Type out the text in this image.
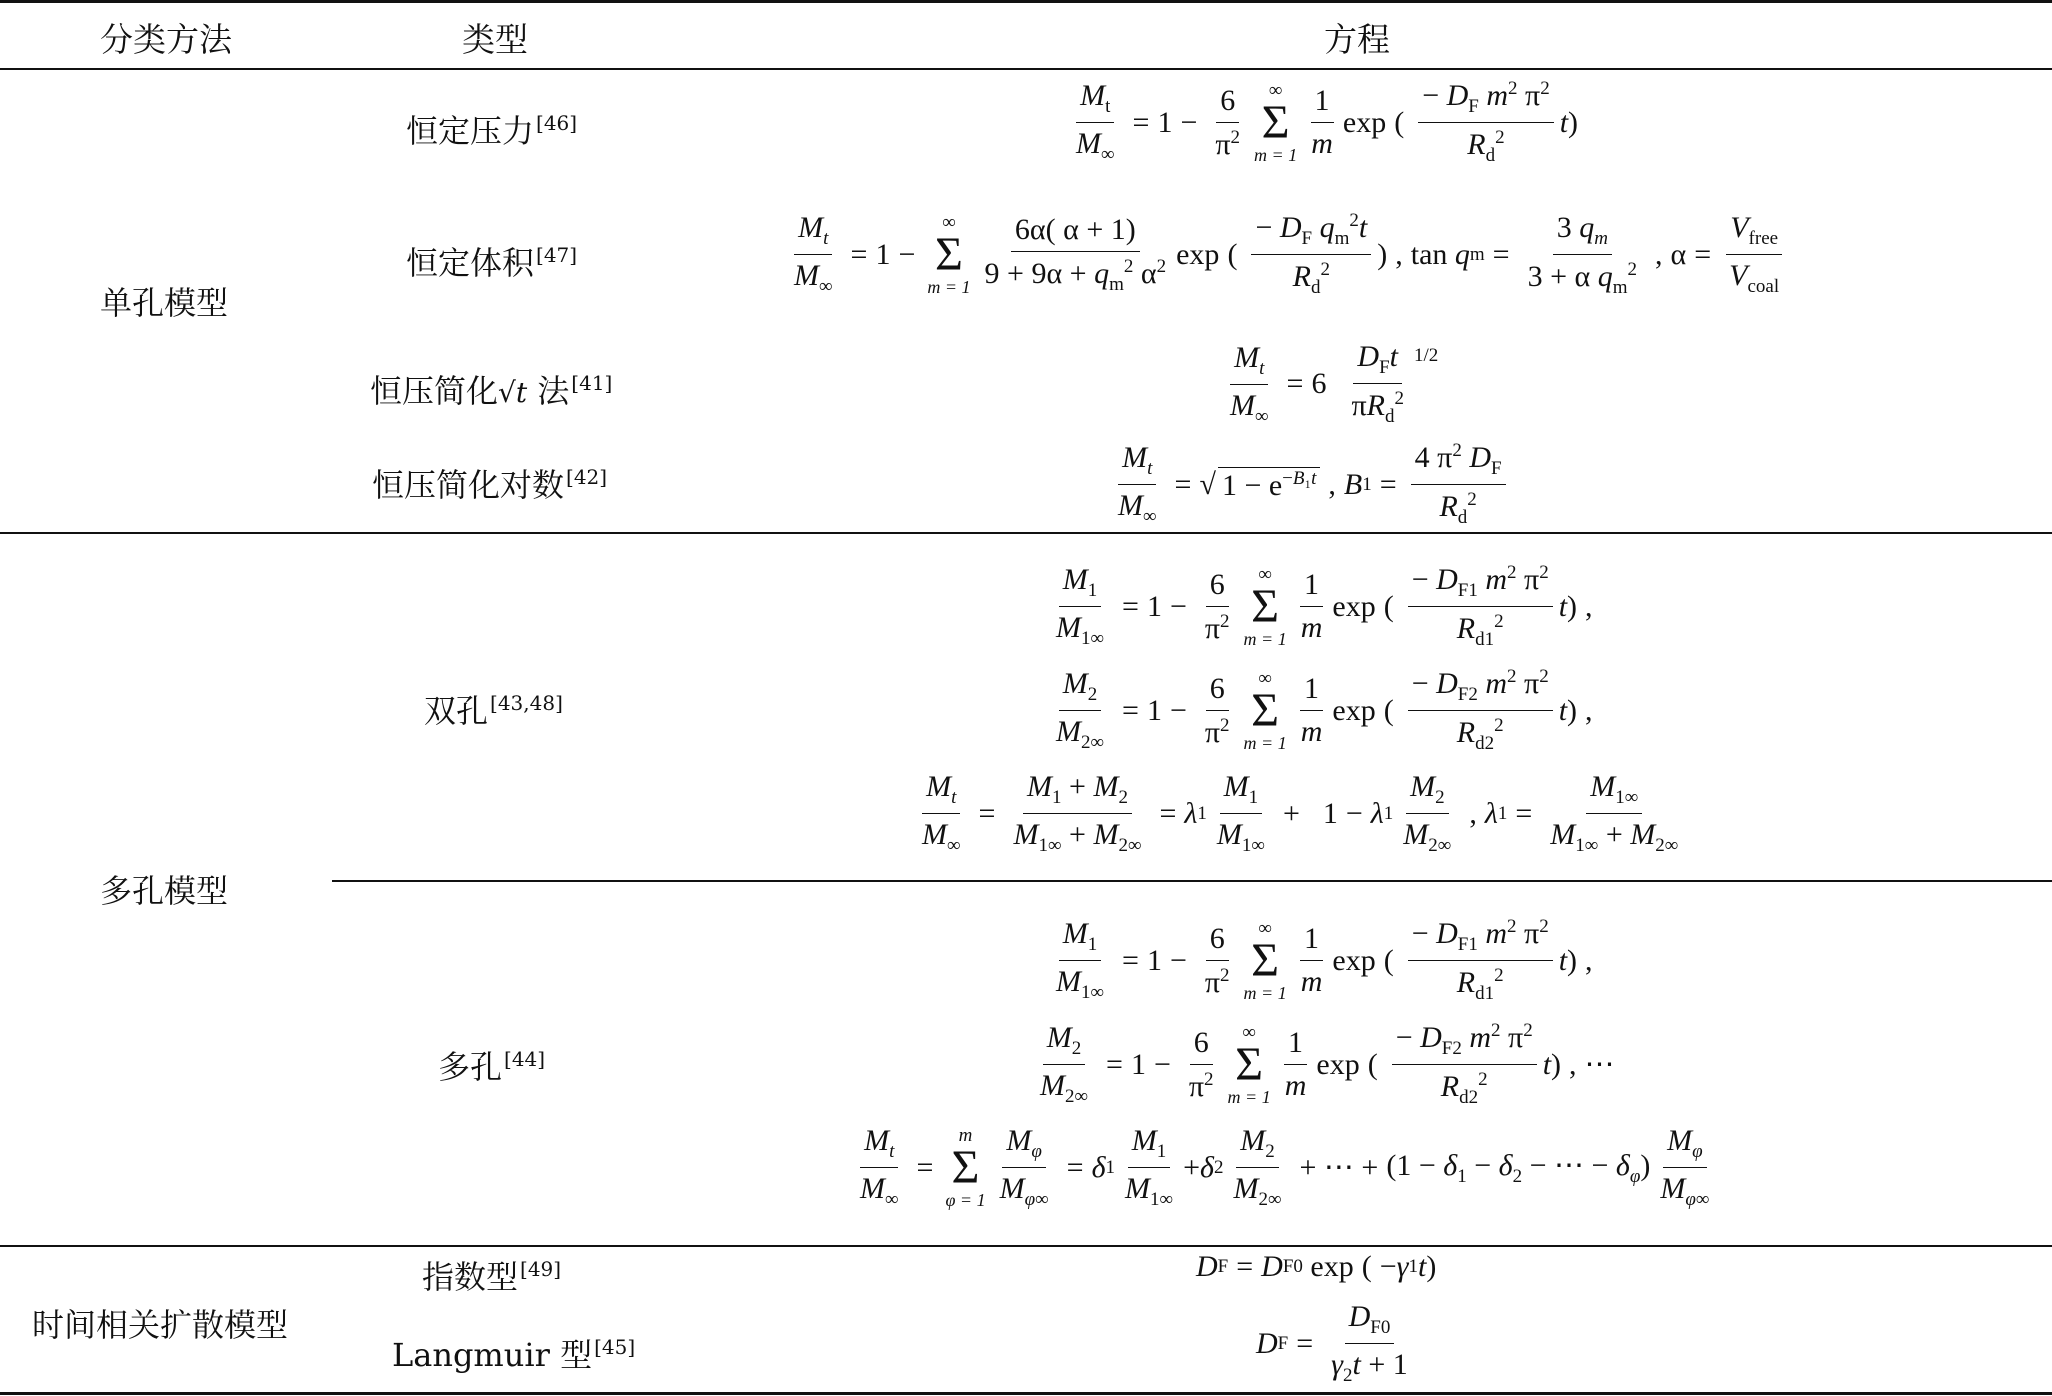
分类方法	类型	方程
单孔模型
多孔模型
时间相关扩散模型
恒定压力 [46]
恒定体积 [47]
恒压简化√t 法 [41]
恒压简化对数 [42]
双孔 [43,48]
多孔 [44]
指数型 [49]
Langmuir 型 [45]
$\frac{M_t}{M_\infty} = 1 - \frac{6}{\pi^2}$ ∞
Σ
$m = 1 \frac{1}{m}$ exp ( $\frac{- D_F m^2 \pi^2}{R_d^2}$ t )
$\frac{M_t}{M_\infty} = 1$ −
∞
Σ
$m = 1 \frac{6\alpha( \alpha + 1)}{9 + 9\alpha + q_m^2 \alpha^2}$ exp ( $\frac{- D_F q_m^2t}{R_d^2}$ ) , tan
q $m = \frac{3 q_m}{3 + \alpha q_m^2}$ , $\alpha = \frac{V_{free}}{V_{coal}}$
$\frac{M_t}{M_\infty} = 6$
$\frac{D_Ft}{\pi R_d^2} 1/2$
$\frac{M_t}{M_\infty}$ = √ $1 - e^{-B_1t}$ , B $1 = \frac{4 \pi^2 D_F}{R_d^2}$
$\frac{M_1}{M_{1\infty}} = 1 - \frac{6}{\pi^2}$ ∞
Σ
$m = 1 \frac{1}{m}$ exp ( $\frac{- D_{F1} m^2 \pi^2}{R_{d1}^2}$ t ) ,
$\frac{M_2}{M_{2\infty}} = 1 - \frac{6}{\pi^2}$ ∞
Σ
$m = 1 \frac{1}{m}$ exp ( $\frac{- D_{F2} m^2 \pi^2}{R_{d2}^2}$ t ) ,
$\frac{M_t}{M_\infty} = \frac{M_1 + M_2}{M_{1\infty} + M_{2\infty}} = \lambda$ $1 \frac{M_1}{M_{1\infty}}$ +
1 − λ $1 \frac{M_2}{M_{2\infty}}$ , λ $1 = \frac{M_{1\infty}}{M_{1\infty} + M_{2\infty}}$
$\frac{M_1}{M_{1\infty}} = 1 - \frac{6}{\pi^2}$ ∞
Σ
$m = 1 \frac{1}{m}$ exp ( $\frac{- D_{F1} m^2 \pi^2}{R_{d1}^2}$ t ) ,
$\frac{M_2}{M_{2\infty}} = 1 - \frac{6}{\pi^2}$ ∞
Σ
$m = 1 \frac{1}{m}$ exp ( $\frac{- D_{F2} m^2 \pi^2}{R_{d2}^2}$ t ) , ⋯
$\frac{M_t}{M_\infty}$ =
m
Σ
$\varphi = 1 \frac{M_\varphi}{M_{\varphi\infty}} = \delta$ $1 \frac{M_1}{M_{1\infty}} + \delta$ $2 \frac{M_2}{M_{2\infty}}$ + ⋯ + ($1 - \delta_1 - \delta_2$ − ⋯ − $\delta_\varphi) \frac{M_\varphi}{M_{\varphi\infty}}$
D F = D F0 exp ( − γ 1 t )
D $F = \frac{D_{F0}}{\gamma_2t + 1}$
